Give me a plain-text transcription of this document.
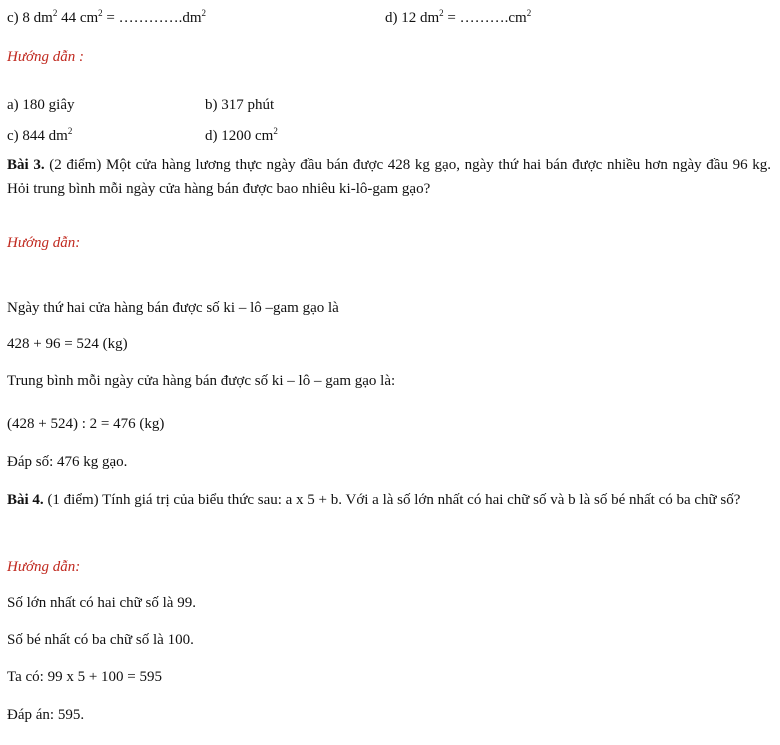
c) 8 $dm^2$ 44 $cm^2$ = $\dots\dots\dots\dots.dm^2$	d) 12 $dm^2$ = $\dots\dots\dots.cm^2$
Hướng dẫn :
a) 180 giây	b) 317 phút
c) 844 $dm^2$	d) 1200 $cm^2$
Bài 3. (2 điểm) Một cửa hàng lương thực ngày đầu bán được 428 kg gạo, ngày thứ hai bán được nhiều hơn ngày đầu 96 kg. Hỏi trung bình mỗi ngày cửa hàng bán được bao nhiêu ki-lô-gam gạo?
Hướng dẫn:
Ngày thứ hai cửa hàng bán được số ki – lô –gam gạo là
428 + 96 = 524 (kg)
Trung bình mỗi ngày cửa hàng bán được số ki – lô – gam gạo là:
(428 + 524) : 2 = 476 (kg)
Đáp số: 476 kg gạo.
Bài 4. (1 điểm) Tính giá trị của biểu thức sau: a x 5 + b. Với a là số lớn nhất có hai chữ số và b là số bé nhất có ba chữ số?
Hướng dẫn:
Số lớn nhất có hai chữ số là 99.
Số bé nhất có ba chữ số là 100.
Ta có: 99 x 5 + 100 = 595
Đáp án: 595.
